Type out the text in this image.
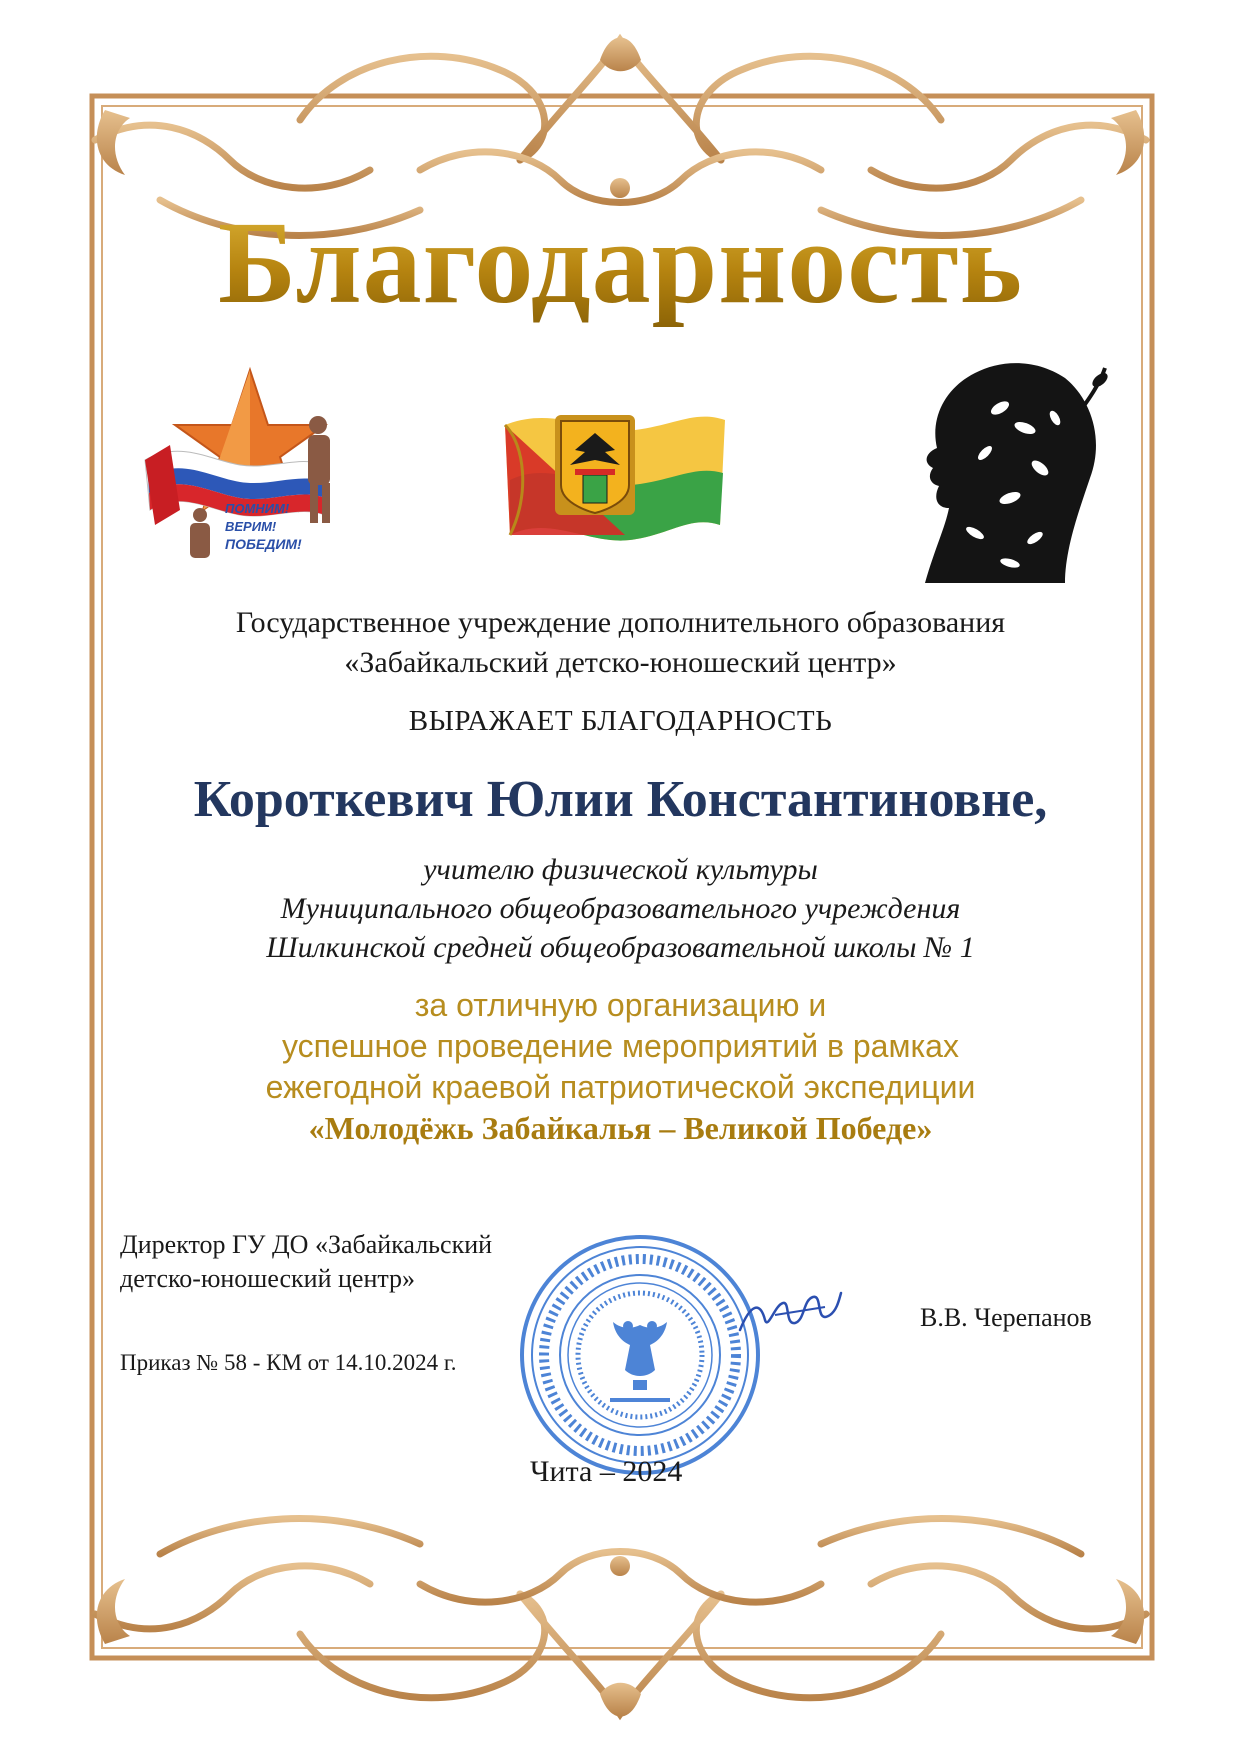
Благодарность
ПОМНИМ!
ВЕРИМ!
ПОБЕДИМ!
Государственное учреждение дополнительного образования
«Забайкальский детско-юношеский центр»
ВЫРАЖАЕТ БЛАГОДАРНОСТЬ
Короткевич Юлии Константиновне,
учителю физической культуры
Муниципального общеобразовательного учреждения
Шилкинской средней общеобразовательной школы № 1
за отличную организацию и
успешное проведение мероприятий в рамках
ежегодной краевой патриотической экспедиции
«Молодёжь Забайкалья – Великой Победе»
Директор ГУ ДО «Забайкальский
детско-юношеский центр»
Приказ № 58 - КМ от 14.10.2024 г.
В.В. Черепанов
Чита – 2024
